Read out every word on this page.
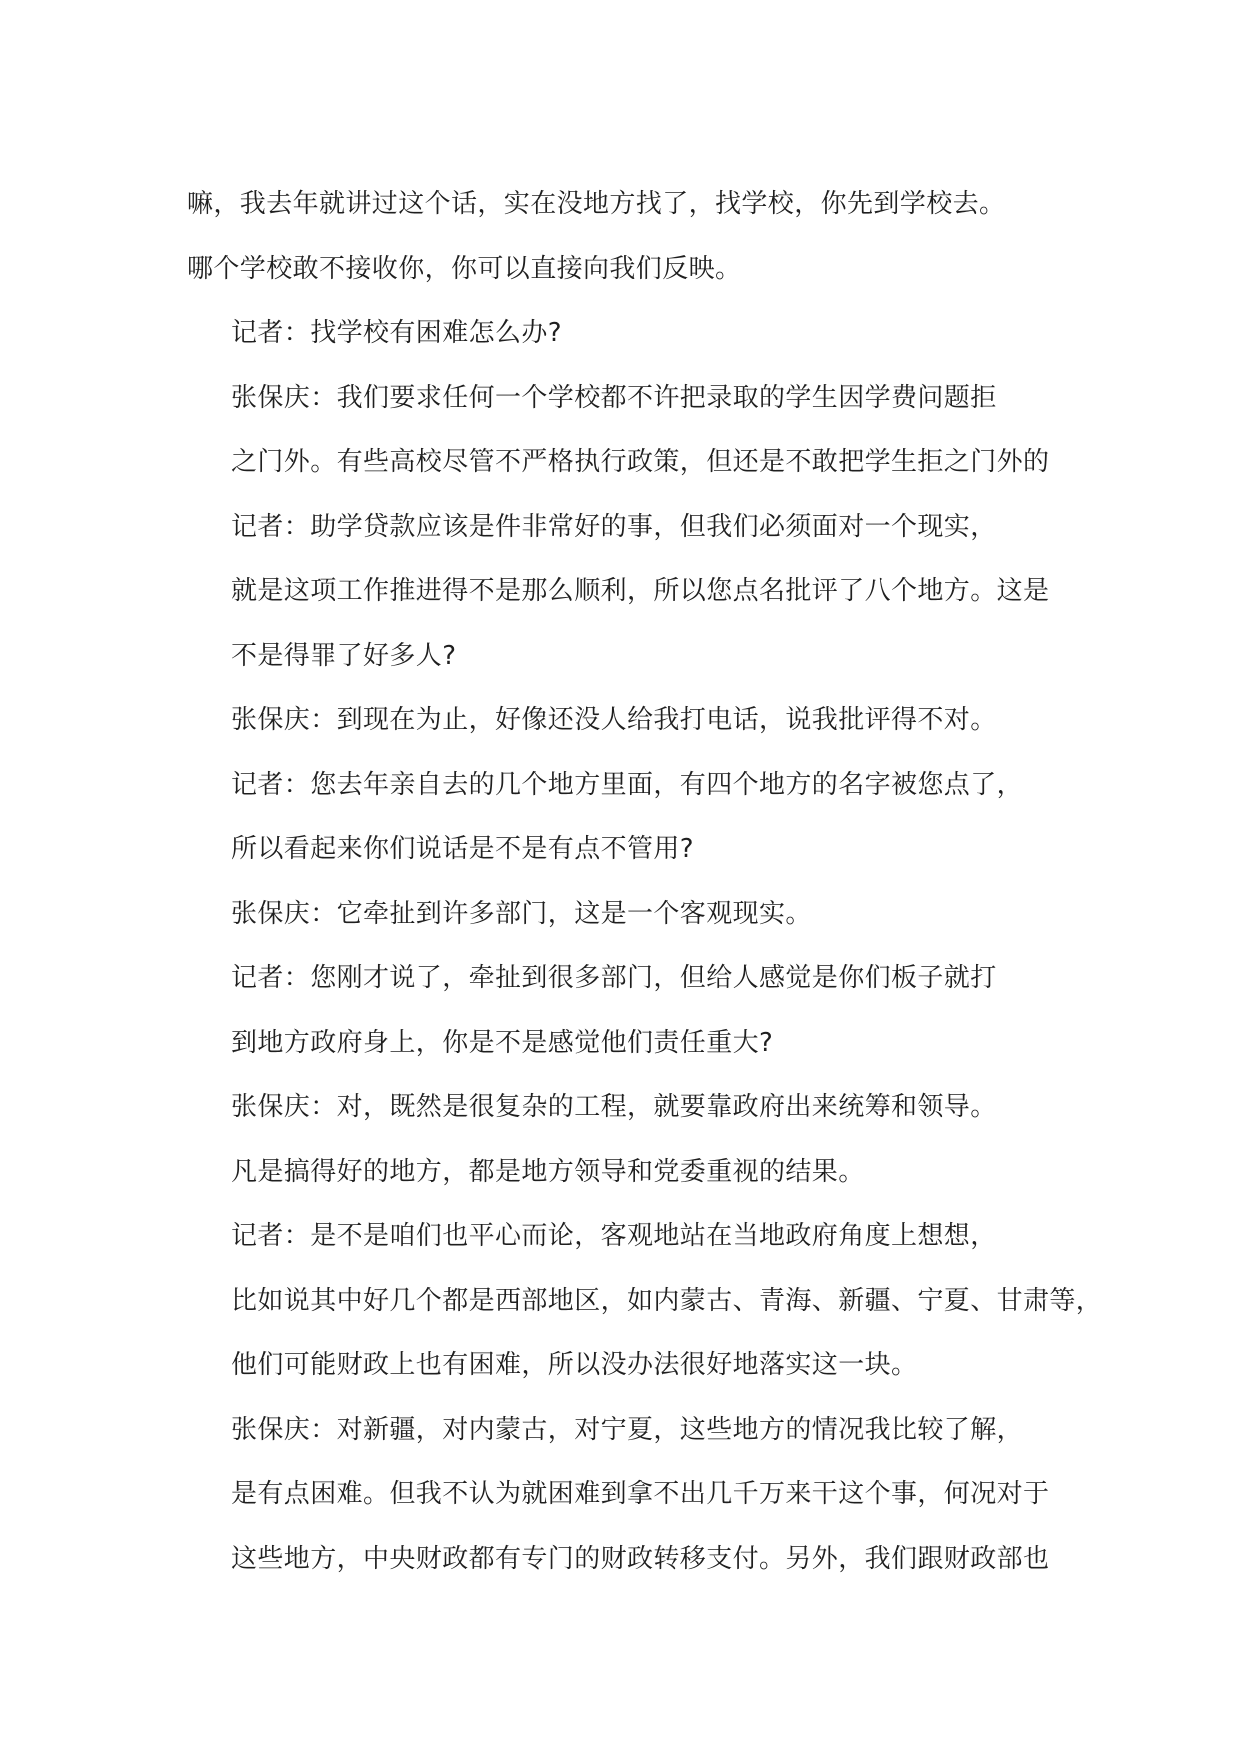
嘛，我去年就讲过这个话，实在没地方找了，找学校，你先到学校去。
哪个学校敢不接收你，你可以直接向我们反映。

记者：找学校有困难怎么办?

张保庆：我们要求任何一个学校都不许把录取的学生因学费问题拒
之门外。有些高校尽管不严格执行政策，但还是不敢把学生拒之门外的

记者：助学贷款应该是件非常好的事，但我们必须面对一个现实，
就是这项工作推进得不是那么顺利，所以您点名批评了八个地方。这是
不是得罪了好多人?

张保庆：到现在为止，好像还没人给我打电话，说我批评得不对。

记者：您去年亲自去的几个地方里面，有四个地方的名字被您点了，
所以看起来你们说话是不是有点不管用?

张保庆：它牵扯到许多部门，这是一个客观现实。

记者：您刚才说了，牵扯到很多部门，但给人感觉是你们板子就打
到地方政府身上，你是不是感觉他们责任重大?

张保庆：对，既然是很复杂的工程，就要靠政府出来统筹和领导。
凡是搞得好的地方，都是地方领导和党委重视的结果。

记者：是不是咱们也平心而论，客观地站在当地政府角度上想想，
比如说其中好几个都是西部地区，如内蒙古、青海、新疆、宁夏、甘肃等，
他们可能财政上也有困难，所以没办法很好地落实这一块。

张保庆：对新疆，对内蒙古，对宁夏，这些地方的情况我比较了解，
是有点困难。但我不认为就困难到拿不出几千万来干这个事，何况对于
这些地方，中央财政都有专门的财政转移支付。另外，我们跟财政部也
